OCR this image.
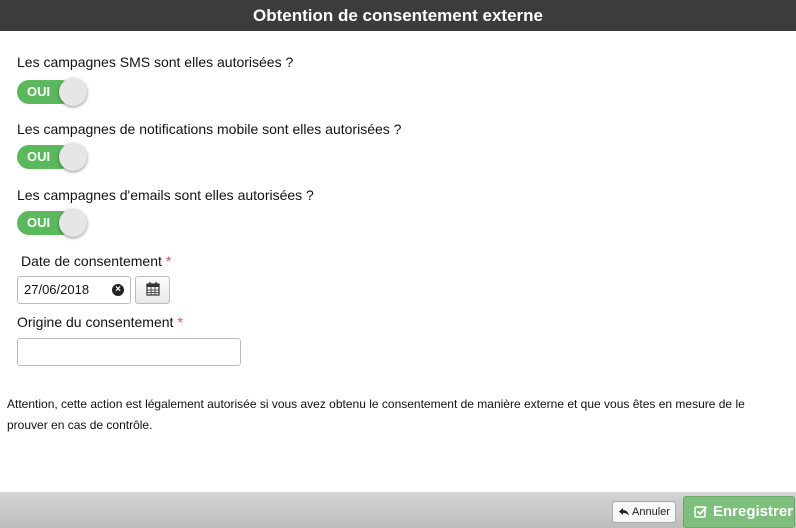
Obtention de consentement externe
Les campagnes SMS sont elles autorisées ?
OUI
Les campagnes de notifications mobile sont elles autorisées ?
OUI
Les campagnes d'emails sont elles autorisées ?
OUI
Date de consentement *
27/06/2018	×
Origine du consentement *
Attention, cette action est légalement autorisée si vous avez obtenu le consentement de manière externe et que vous êtes en mesure de le prouver en cas de contrôle.
Annuler	Enregistrer
